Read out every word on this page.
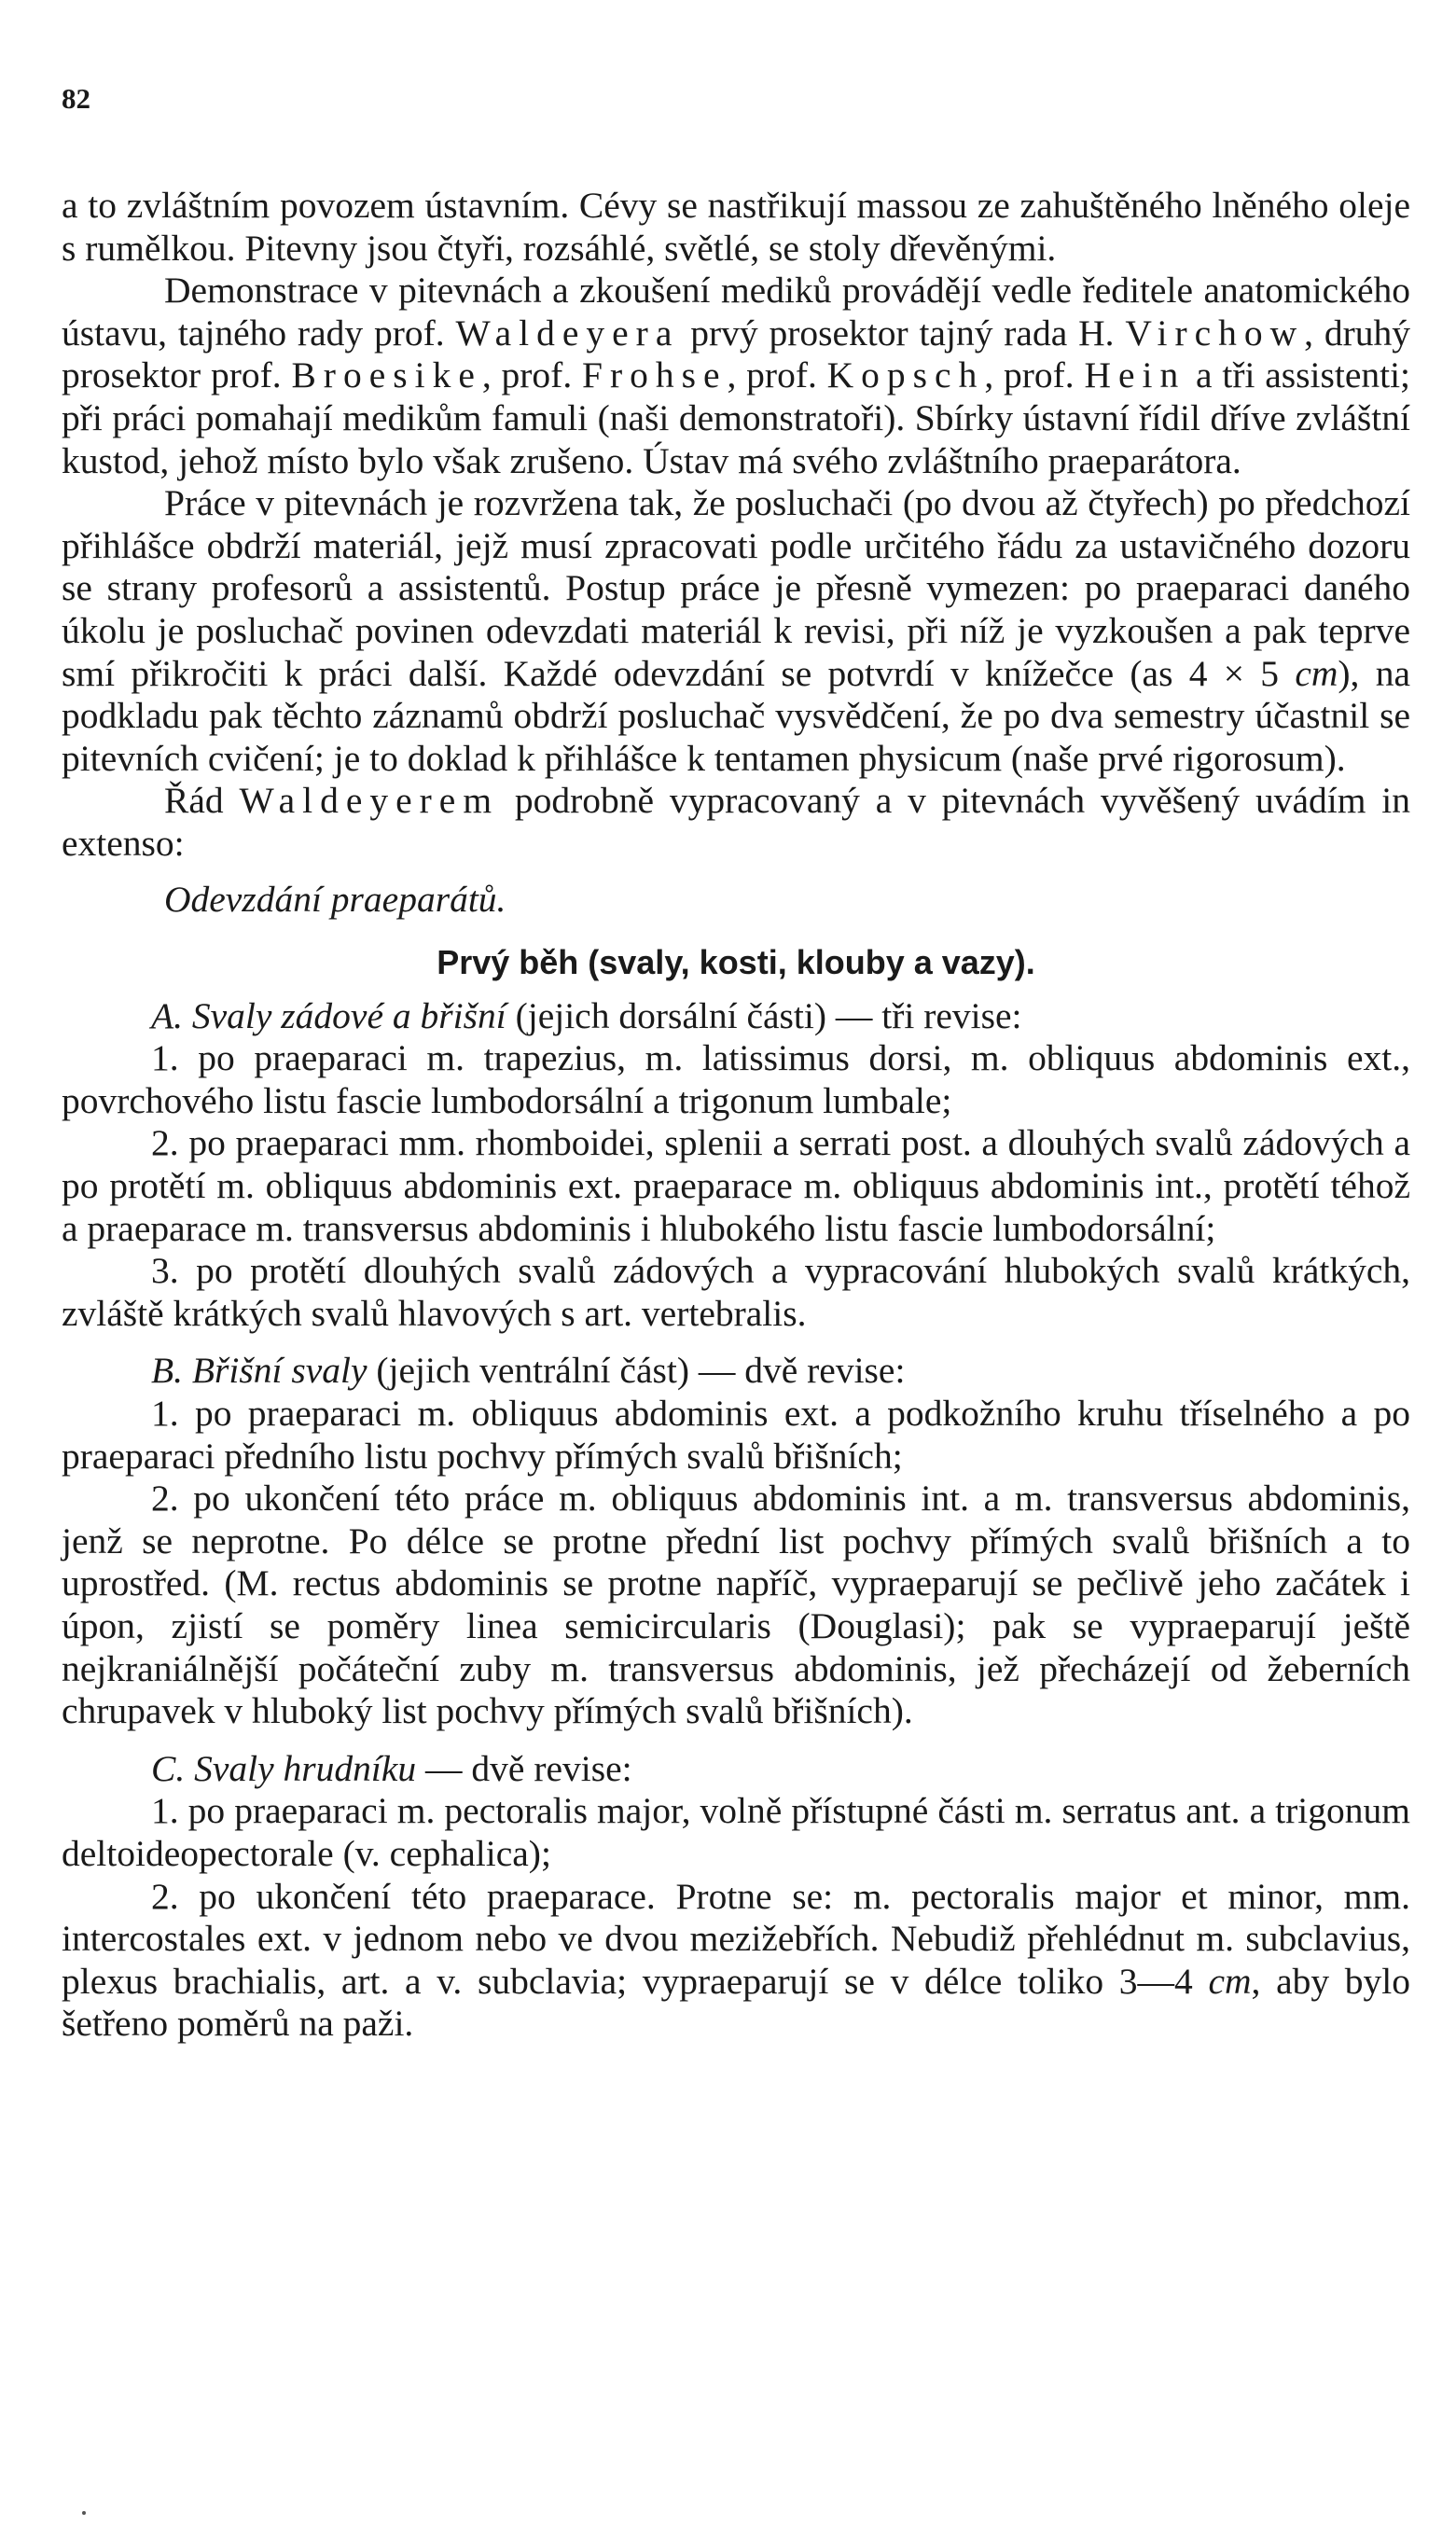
82

a to zvláštním povozem ústavním. Cévy se nastřikují massou ze zahuštěného lněného oleje s rumělkou. Pitevny jsou čtyři, rozsáhlé, světlé, se stoly dřevěnými.

Demonstrace v pitevnách a zkoušení mediků provádějí vedle ředitele anatomického ústavu, tajného rady prof. Waldeyera prvý prosektor tajný rada H. Virchow, druhý prosektor prof. Broesike, prof. Frohse, prof. Kopsch, prof. Hein a tři assistenti; při práci pomahají medikům famuli (naši demonstratoři). Sbírky ústavní řídil dříve zvláštní kustod, jehož místo bylo však zrušeno. Ústav má svého zvláštního praeparátora.

Práce v pitevnách je rozvržena tak, že posluchači (po dvou až čtyřech) po předchozí přihlášce obdrží materiál, jejž musí zpracovati podle určitého řádu za ustavičného dozoru se strany profesorů a assistentů. Postup práce je přesně vymezen: po praeparaci daného úkolu je posluchač povinen odevzdati materiál k revisi, při níž je vyzkoušen a pak teprve smí přikročiti k práci další. Každé odevzdání se potvrdí v knížečce (as 4 × 5 cm), na podkladu pak těchto záznamů obdrží posluchač vysvědčení, že po dva semestry účastnil se pitevních cvičení; je to doklad k přihlášce k tentamen physicum (naše prvé rigorosum).

Řád Waldeyerem podrobně vypracovaný a v pitevnách vyvěšený uvádím in extenso:

Odevzdání praeparátů.

Prvý běh (svaly, kosti, klouby a vazy).

A. Svaly zádové a břišní (jejich dorsální části) — tři revise:

1. po praeparaci m. trapezius, m. latissimus dorsi, m. obliquus abdominis ext., povrchového listu fascie lumbodorsální a trigonum lumbale;

2. po praeparaci mm. rhomboidei, splenii a serrati post. a dlouhých svalů zádových a po protětí m. obliquus abdominis ext. praeparace m. obliquus abdominis int., protětí téhož a praeparace m. transversus abdominis i hlubokého listu fascie lumbodorsální;

3. po protětí dlouhých svalů zádových a vypracování hlubokých svalů krátkých, zvláště krátkých svalů hlavových s art. vertebralis.

B. Břišní svaly (jejich ventrální část) — dvě revise:

1. po praeparaci m. obliquus abdominis ext. a podkožního kruhu tříselného a po praeparaci předního listu pochvy přímých svalů břišních;

2. po ukončení této práce m. obliquus abdominis int. a m. transversus abdominis, jenž se neprotne. Po délce se protne přední list pochvy přímých svalů břišních a to uprostřed. (M. rectus abdominis se protne napříč, vypraeparují se pečlivě jeho začátek i úpon, zjistí se poměry linea semicircularis (Douglasi); pak se vypraeparují ještě nejkraniálnější počáteční zuby m. transversus abdominis, jež přecházejí od žeberních chrupavek v hluboký list pochvy přímých svalů břišních).

C. Svaly hrudníku — dvě revise:

1. po praeparaci m. pectoralis major, volně přístupné části m. serratus ant. a trigonum deltoideopectorale (v. cephalica);

2. po ukončení této praeparace. Protne se: m. pectoralis major et minor, mm. intercostales ext. v jednom nebo ve dvou mezižebřích. Nebudiž přehlédnut m. subclavius, plexus brachialis, art. a v. subclavia; vypraeparují se v délce toliko 3—4 cm, aby bylo šetřeno poměrů na paži.
